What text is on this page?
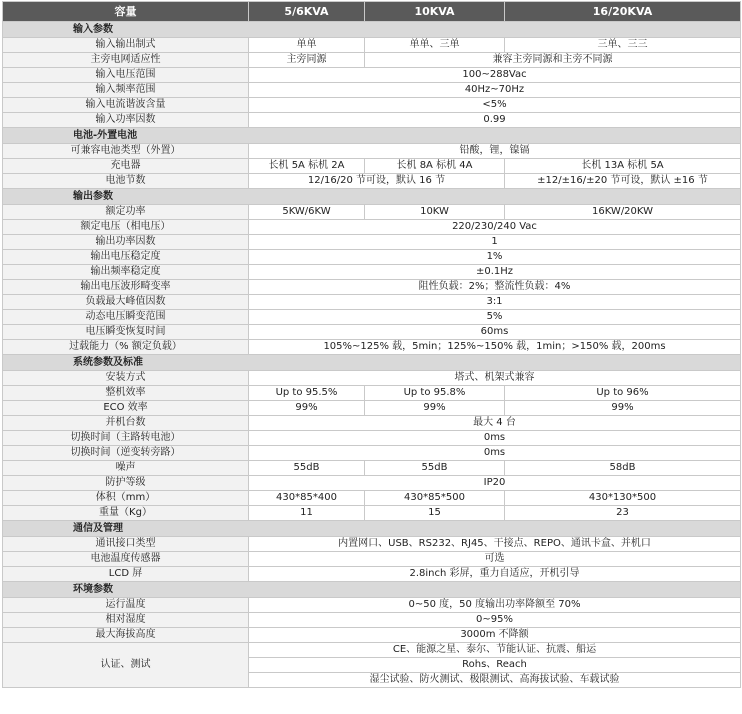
容量	5/6KVA	10KVA	16/20KVA
输入参数			
输入输出制式	单单	单单、三单	三单、三三
主旁电网适应性	主旁同源	兼容主旁同源和主旁不同源	
输入电压范围	100~288Vac		
输入频率范围	40Hz~70Hz		
输入电流谐波含量	<5%		
输入功率因数	0.99		
电池-外置电池			
可兼容电池类型（外置）	铅酸，锂，镍镉		
充电器	长机 5A 标机 2A	长机 8A 标机 4A	长机 13A 标机 5A
电池节数	12/16/20 节可设，默认 16 节		±12/±16/±20 节可设，默认 ±16 节
输出参数			
额定功率	5KW/6KW	10KW	16KW/20KW
额定电压（相电压）	220/230/240 Vac		
输出功率因数	1		
输出电压稳定度	1%		
输出频率稳定度	±0.1Hz		
输出电压波形畸变率	阻性负载：2%；整流性负载：4%		
负载最大峰值因数	3:1		
动态电压瞬变范围	5%		
电压瞬变恢复时间	60ms		
过载能力（% 额定负载）	105%~125% 载，5min；125%~150% 载，1min；>150% 载，200ms		
系统参数及标准			
安装方式	塔式、机架式兼容		
整机效率	Up to 95.5%	Up to 95.8%	Up to 96%
ECO 效率	99%	99%	99%
并机台数	最大 4 台		
切换时间（主路转电池）	0ms		
切换时间（逆变转旁路）	0ms		
噪声	55dB	55dB	58dB
防护等级	IP20		
体积（mm）	430*85*400	430*85*500	430*130*500
重量（Kg）	11	15	23
通信及管理			
通讯接口类型	内置网口、USB、RS232、RJ45、干接点、REPO、通讯卡盒、并机口		
电池温度传感器	可选		
LCD 屏	2.8inch 彩屏，重力自适应，开机引导		
环境参数			
运行温度	0~50 度，50 度输出功率降额至 70%		
相对湿度	0~95%		
最大海拔高度	3000m 不降额		
认证、测试	CE、能源之星、泰尔、节能认证、抗震、船运		
	Rohs、Reach		
	湿尘试验、防火测试、极限测试、高海拔试验、车载试验		
